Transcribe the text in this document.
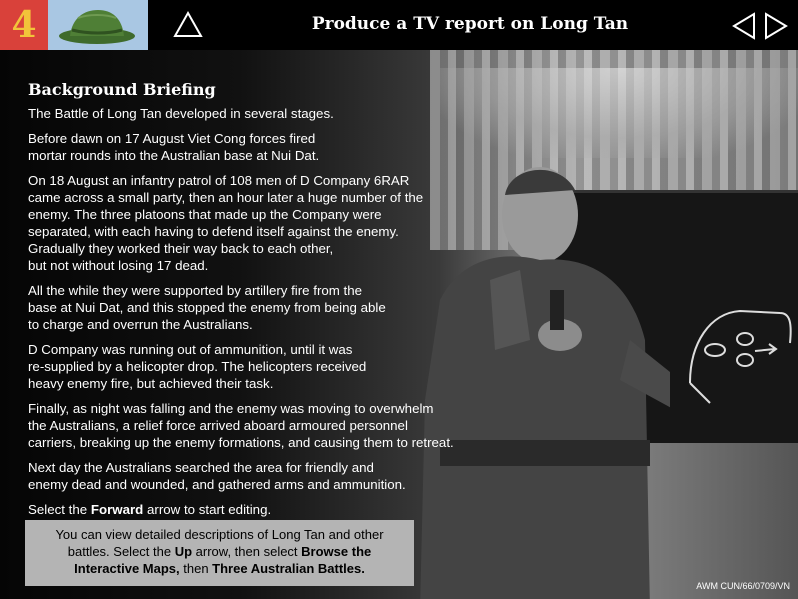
4	Produce a TV report on Long Tan
AWM CUN/66/0709/VN
Background Briefing

The Battle of Long Tan developed in several stages.

Before dawn on 17 August Viet Cong forces fired
mortar rounds into the Australian base at Nui Dat.

On 18 August an infantry patrol of 108 men of D Company 6RAR
came across a small party, then an hour later a huge number of the
enemy. The three platoons that made up the Company were
separated, with each having to defend itself against the enemy.
Gradually they worked their way back to each other,
but not without losing 17 dead.

All the while they were supported by artillery fire from the
base at Nui Dat, and this stopped the enemy from being able
to charge and overrun the Australians.

D Company was running out of ammunition, until it was
re-supplied by a helicopter drop. The helicopters received
heavy enemy fire, but achieved their task.

Finally, as night was falling and the enemy was moving to overwhelm
the Australians, a relief force arrived aboard armoured personnel
carriers, breaking up the enemy formations, and causing them to retreat.

Next day the Australians searched the area for friendly and
enemy dead and wounded, and gathered arms and ammunition.

Select the Forward arrow to start editing.

You can view detailed descriptions of Long Tan and other battles. Select the Up arrow, then select Browse the Interactive Maps, then Three Australian Battles.
